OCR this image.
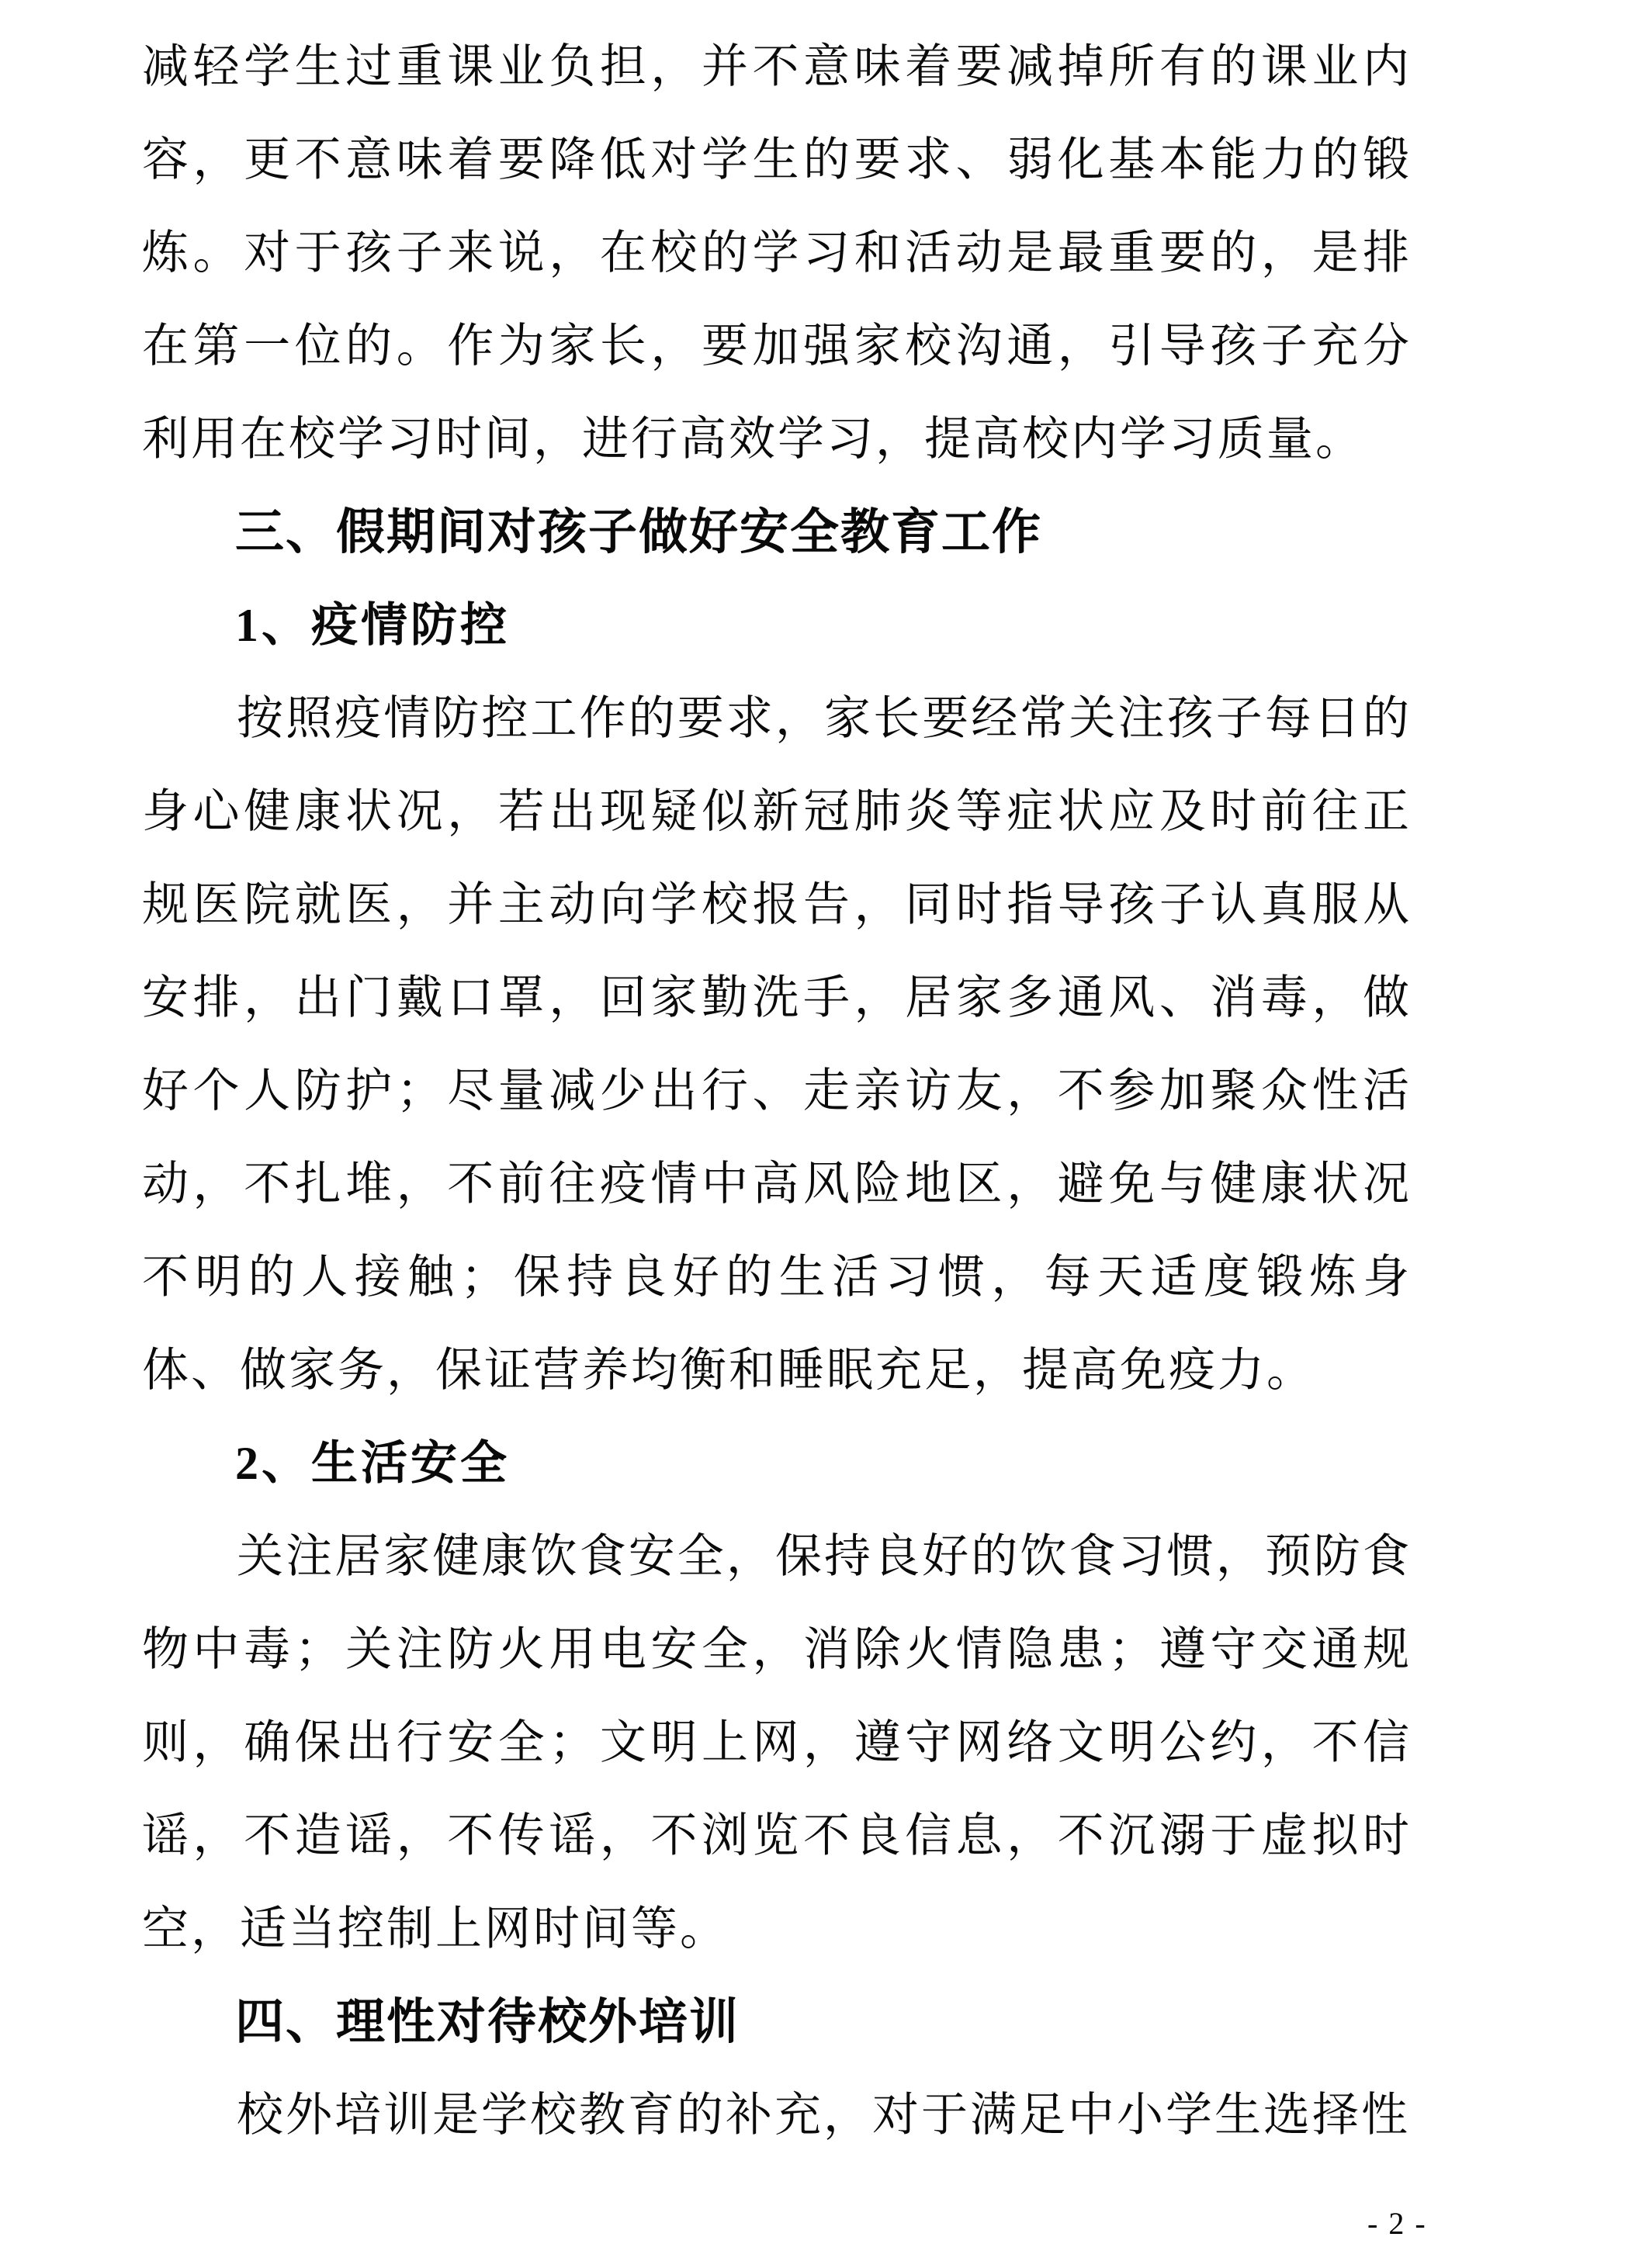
减轻学生过重课业负担，并不意味着要减掉所有的课业内容，更不意味着要降低对学生的要求、弱化基本能力的锻炼。对于孩子来说，在校的学习和活动是最重要的，是排在第一位的。作为家长，要加强家校沟通，引导孩子充分利用在校学习时间，进行高效学习，提高校内学习质量。

三、假期间对孩子做好安全教育工作

1、疫情防控

按照疫情防控工作的要求，家长要经常关注孩子每日的身心健康状况，若出现疑似新冠肺炎等症状应及时前往正规医院就医，并主动向学校报告，同时指导孩子认真服从安排，出门戴口罩，回家勤洗手，居家多通风、消毒，做好个人防护；尽量减少出行、走亲访友，不参加聚众性活动，不扎堆，不前往疫情中高风险地区，避免与健康状况不明的人接触；保持良好的生活习惯，每天适度锻炼身体、做家务，保证营养均衡和睡眠充足，提高免疫力。

2、生活安全

关注居家健康饮食安全，保持良好的饮食习惯，预防食物中毒；关注防火用电安全，消除火情隐患；遵守交通规则，确保出行安全；文明上网，遵守网络文明公约，不信谣，不造谣，不传谣，不浏览不良信息，不沉溺于虚拟时空，适当控制上网时间等。

四、理性对待校外培训

校外培训是学校教育的补充，对于满足中小学生选择性

- 2 -
